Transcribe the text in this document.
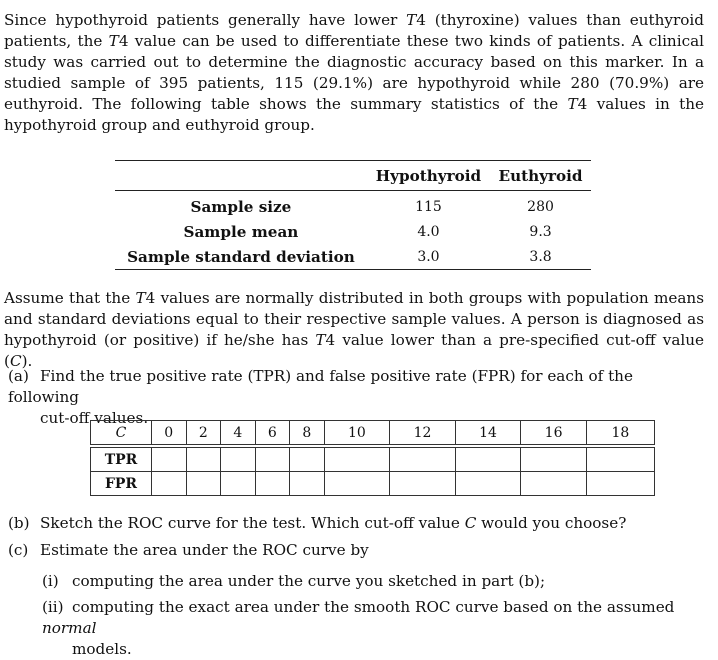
Since hypothyroid patients generally have lower T4 (thyroxine) values than euthyroid patients, the T4 value can be used to differentiate these two kinds of patients. A clinical study was carried out to determine the diagnostic accuracy based on this marker. In a studied sample of 395 patients, 115 (29.1%) are hypothyroid while 280 (70.9%) are euthyroid. The following table shows the summary statistics of the T4 values in the hypothyroid group and euthyroid group.

	Hypothyroid	Euthyroid

Sample size	115	280
Sample mean	4.0	9.3
Sample standard deviation	3.0	3.8

Assume that the T4 values are normally distributed in both groups with population means and standard deviations equal to their respective sample values. A person is diagnosed as hypothyroid (or positive) if he/she has T4 value lower than a pre-specified cut-off value (C).

(a) Find the true positive rate (TPR) and false positive rate (FPR) for each of the following
cut-off values.

C	0	2	4	6	8	10	12	14	16	18

TPR										
FPR										

(b) Sketch the ROC curve for the test. Which cut-off value C would you choose?

(c) Estimate the area under the ROC curve by

(i) computing the area under the curve you sketched in part (b);

(ii) computing the exact area under the smooth ROC curve based on the assumed normal
models.
